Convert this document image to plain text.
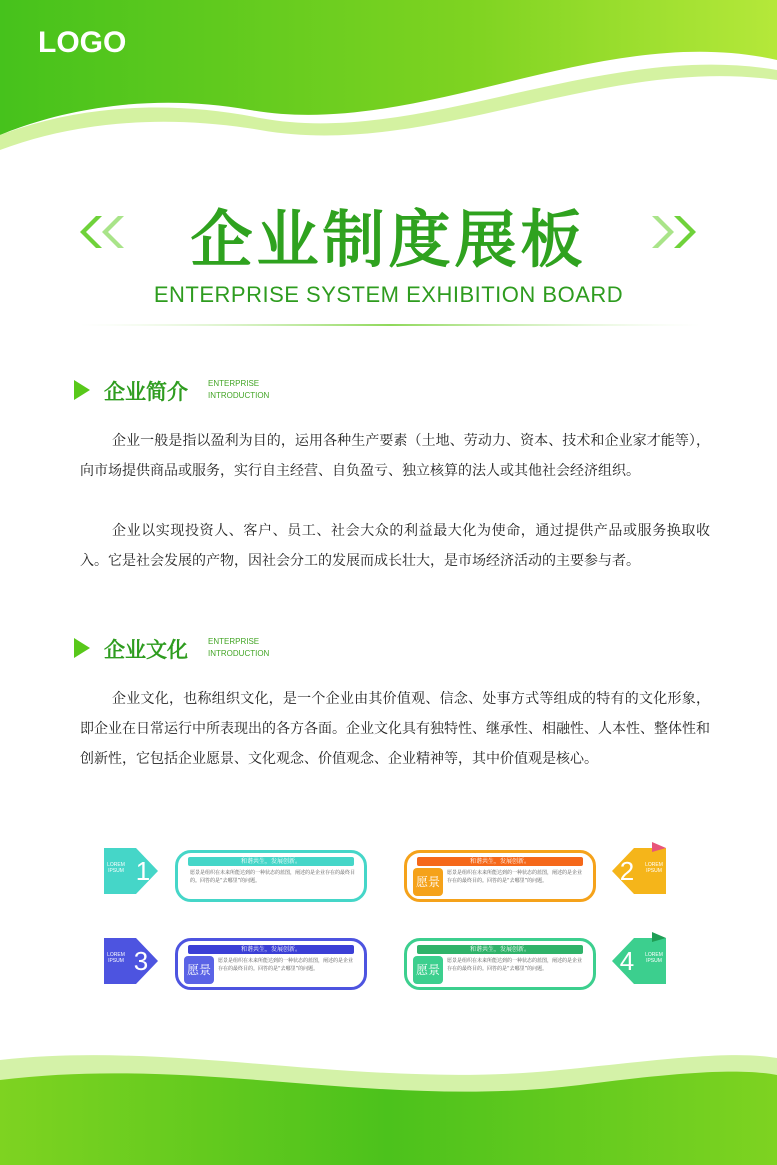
LOGO
企业制度展板
ENTERPRISE SYSTEM EXHIBITION BOARD
企业简介	ENTERPRISE
INTRODUCTION

企业一般是指以盈利为目的，运用各种生产要素（土地、劳动力、资本、技术和企业家才能等），向市场提供商品或服务，实行自主经营、自负盈亏、独立核算的法人或其他社会经济组织。

企业以实现投资人、客户、员工、社会大众的利益最大化为使命，通过提供产品或服务换取收入。它是社会发展的产物，因社会分工的发展而成长壮大，是市场经济活动的主要参与者。

企业文化	ENTERPRISE
INTRODUCTION

企业文化，也称组织文化，是一个企业由其价值观、信念、处事方式等组成的特有的文化形象，即企业在日常运行中所表现出的各方各面。企业文化具有独特性、继承性、相融性、人本性、整体性和创新性，它包括企业愿景、文化观念、价值观念、企业精神等，其中价值观是核心。

LOREM IPSUM 1	和谐共生，发展创新。
愿景是组织在未来所能达到的一种状态的蓝图，阐述的是企业存在的最终目的。回答的是“去哪里”的问题。
和谐共生，发展创新。
愿景
愿景是组织在未来所能达到的一种状态的蓝图，阐述的是企业存在的最终目的。回答的是“去哪里”的问题。	2	LOREM IPSUM
LOREM IPSUM 3	和谐共生，发展创新。
愿景
愿景是组织在未来所能达到的一种状态的蓝图，阐述的是企业存在的最终目的。回答的是“去哪里”的问题。
和谐共生，发展创新。
愿景
愿景是组织在未来所能达到的一种状态的蓝图，阐述的是企业存在的最终目的。回答的是“去哪里”的问题。	4	LOREM IPSUM
